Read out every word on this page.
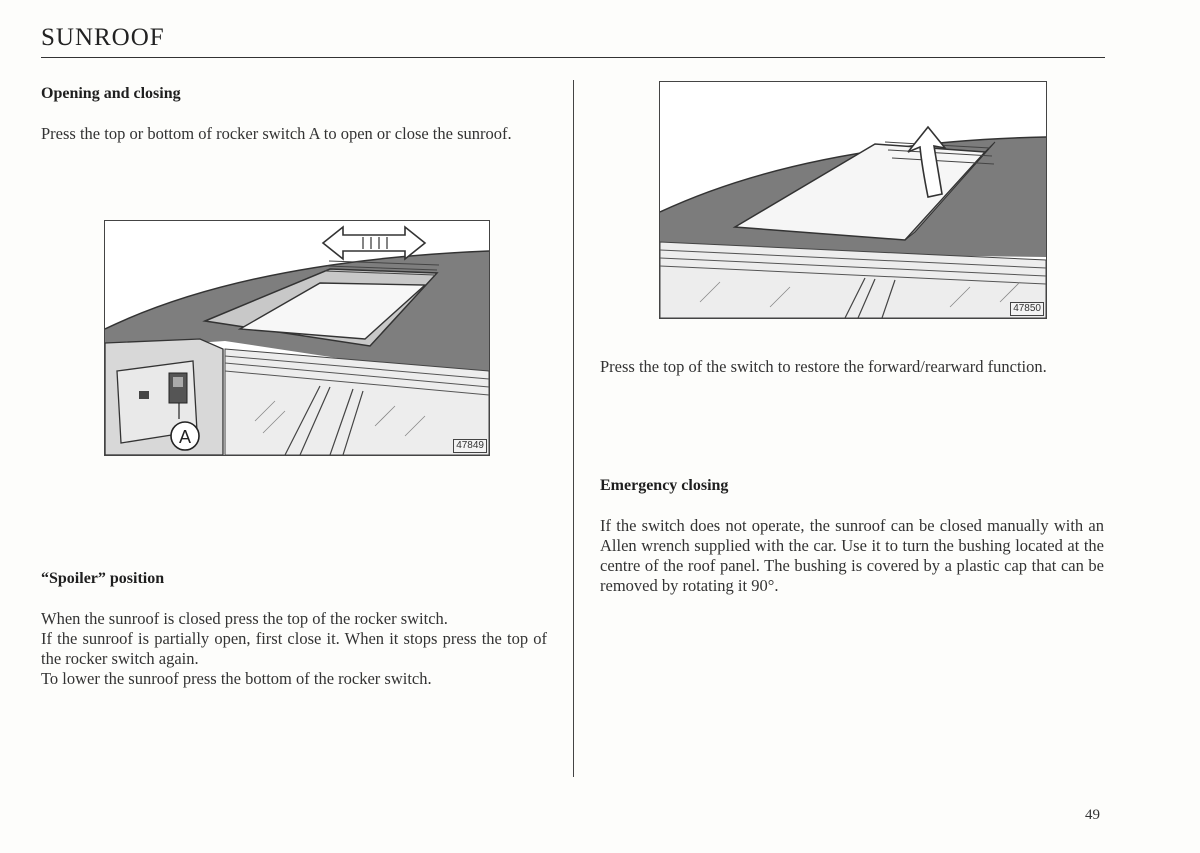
SUNROOF
Opening and closing

Press the top or bottom of rocker switch A to open or close the sunroof.

A	47849
“Spoiler” position
When the sunroof is closed press the top of the rocker switch.
If the sunroof is partially open, first close it. When it stops press the top of the rocker switch again.
To lower the sunroof press the bottom of the rocker switch.
47850

Press the top of the switch to restore the forward/rearward function.

Emergency closing

If the switch does not operate, the sunroof can be closed manually with an Allen wrench supplied with the car. Use it to turn the bushing located at the centre of the roof panel. The bushing is covered by a plastic cap that can be removed by rotating it 90°.

49
